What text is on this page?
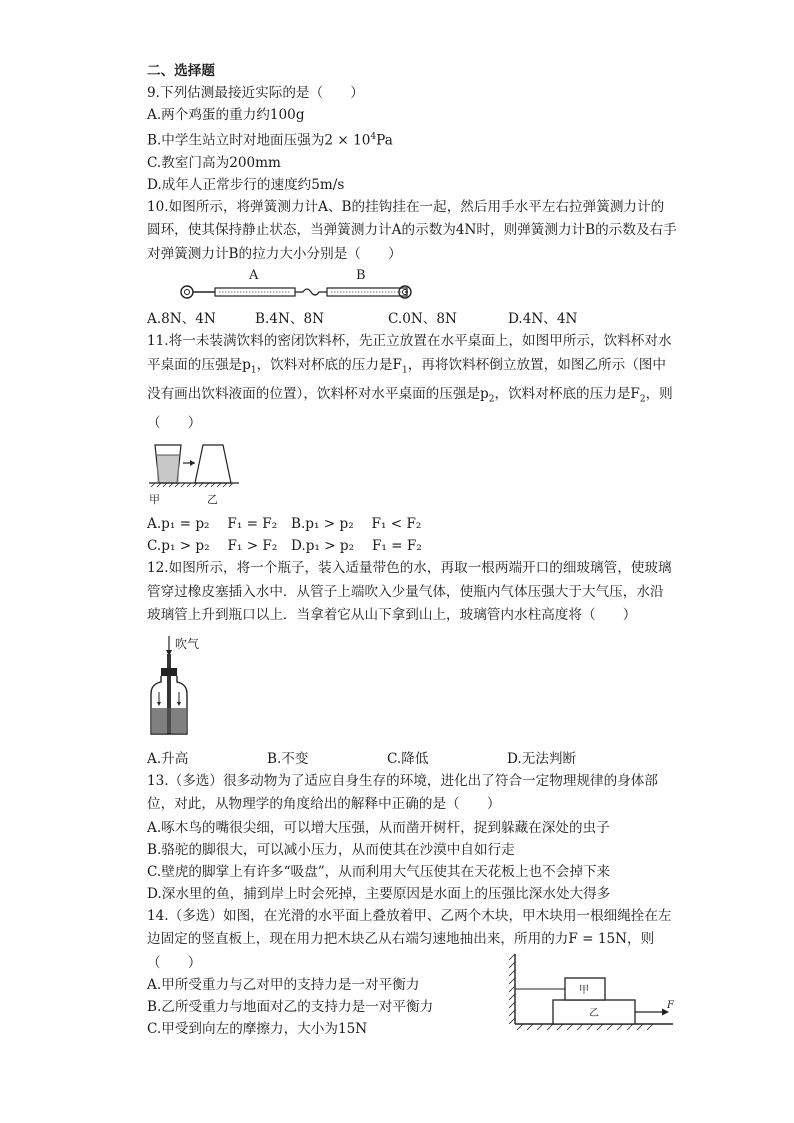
二、选择题
9.下列估测最接近实际的是（　　）
A.两个鸡蛋的重力约100g
B.中学生站立时对地面压强为$2 \times 10^4Pa$
C.教室门高为200mm
D.成年人正常步行的速度约5m/s
10.如图所示，将弹簧测力计A、B的挂钩挂在一起，然后用手水平左右拉弹簧测力计的圆环，使其保持静止状态，当弹簧测力计A的示数为4N时，则弹簧测力计B的示数及右手对弹簧测力计B的拉力大小分别是（　　）
A	B
A.8N、4N	B.4N、8N	C.0N、8N	D.4N、4N
11.将一未装满饮料的密闭饮料杯，先正立放置在水平桌面上，如图甲所示，饮料杯对水平桌面的压强是$p_1$，饮料对杯底的压力是$F_1$，再将饮料杯倒立放置，如图乙所示（图中没有画出饮料液面的位置），饮料杯对水平桌面的压强是$p_2$，饮料对杯底的压力是$F_2$，则（　　）
甲	乙
A.p₁ = p₂　 F₁ = F₂ B.p₁ > p₂　 F₁ < F₂
C.p₁ > p₂　 F₁ > F₂ D.p₁ > p₂　 F₁ = F₂
12.如图所示，将一个瓶子，装入适量带色的水，再取一根两端开口的细玻璃管，使玻璃管穿过橡皮塞插入水中．从管子上端吹入少量气体，使瓶内气体压强大于大气压，水沿玻璃管上升到瓶口以上．当拿着它从山下拿到山上，玻璃管内水柱高度将（　　）
吹气
A.升高	B.不变	C.降低	D.无法判断
13.（多选）很多动物为了适应自身生存的环境，进化出了符合一定物理规律的身体部位，对此，从物理学的角度给出的解释中正确的是（　　）
A.啄木鸟的嘴很尖细，可以增大压强，从而凿开树杆，捉到躲藏在深处的虫子
B.骆驼的脚很大，可以减小压力，从而使其在沙漠中自如行走
C.壁虎的脚掌上有许多“吸盘”，从而利用大气压使其在天花板上也不会掉下来
D.深水里的鱼，捕到岸上时会死掉，主要原因是水面上的压强比深水处大得多
14.（多选）如图，在光滑的水平面上叠放着甲、乙两个木块，甲木块用一根细绳拴在左边固定的竖直板上，现在用力把木块乙从右端匀速地抽出来，所用的力F = 15N，则
（　　）
A.甲所受重力与乙对甲的支持力是一对平衡力
B.乙所受重力与地面对乙的支持力是一对平衡力
C.甲受到向左的摩擦力，大小为15N
甲
乙
F
